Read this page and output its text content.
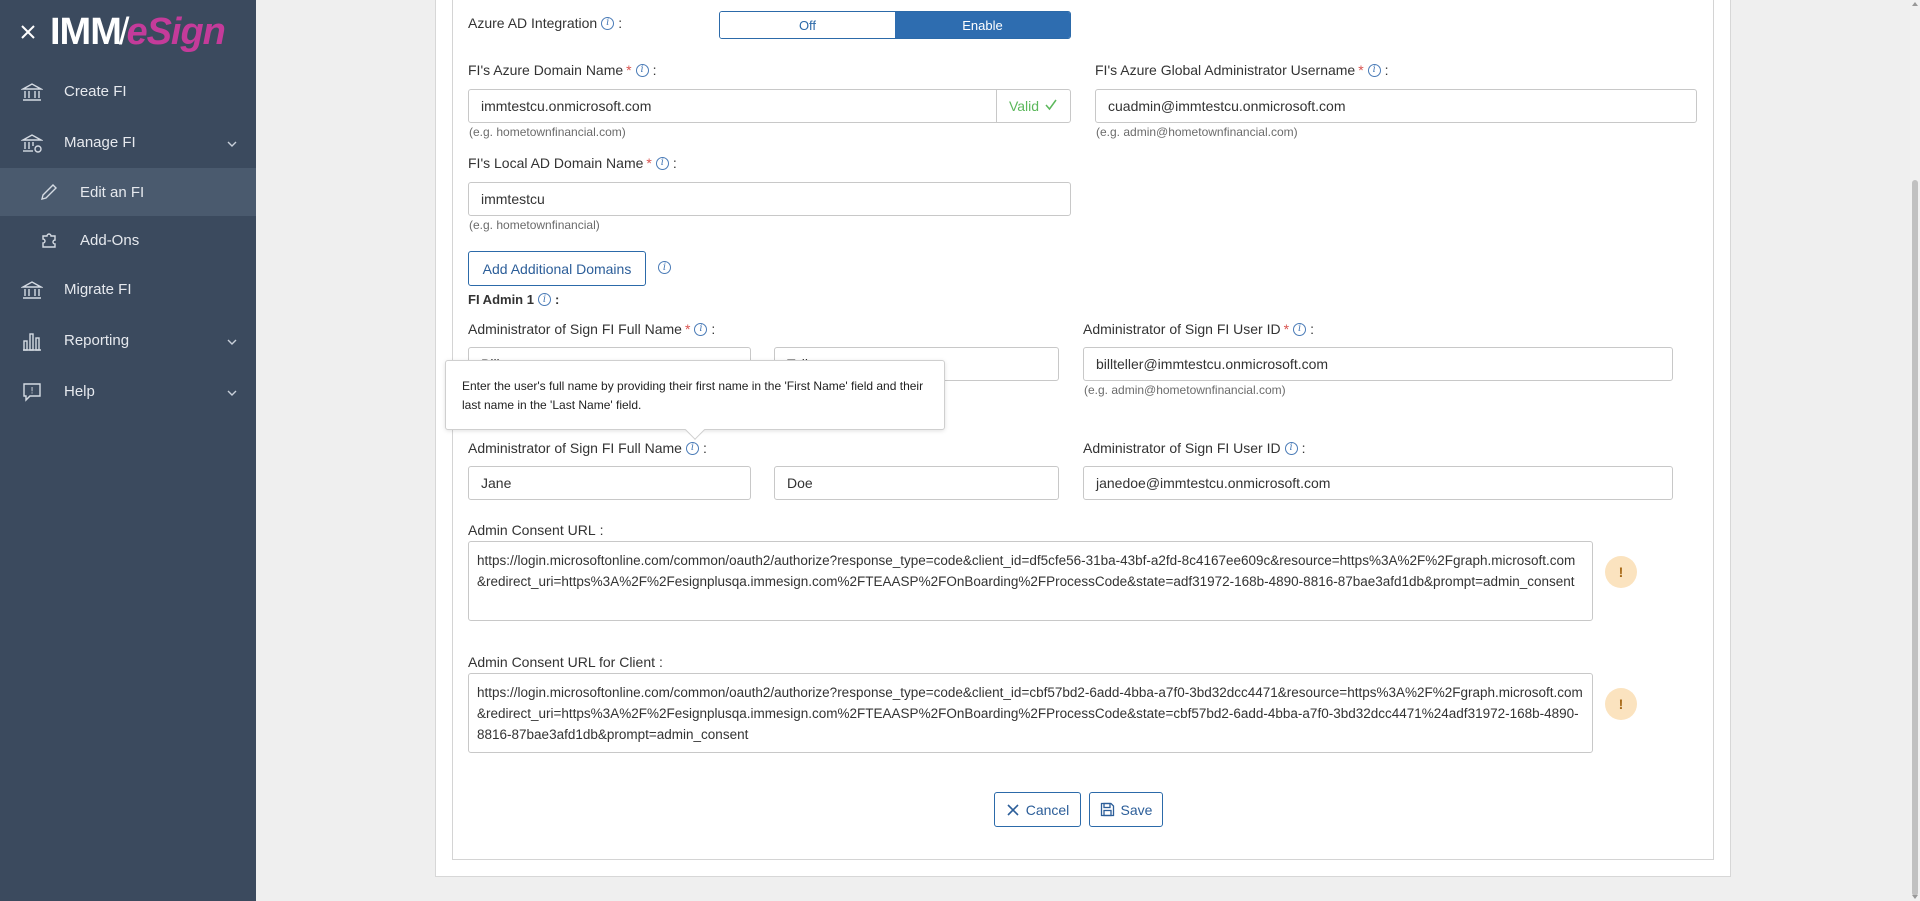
IMM
/
eSign
Create FI
Manage FI
Edit an FI
Add-Ons
Migrate FI
Reporting
! Help
Azure AD Integration i :	Off	Enable
FI's Azure Domain Name * i :
immtestcu.onmicrosoft.com	Valid
(e.g. hometownfinancial.com)
FI's Azure Global Administrator Username * i :
cuadmin@immtestcu.onmicrosoft.com
(e.g. admin@hometownfinancial.com)
FI's Local AD Domain Name * i :
immtestcu
(e.g. hometownfinancial)
Add Additional Domains	i
FI Admin 1 i :
Administrator of Sign FI Full Name * i :	Administrator of Sign FI User ID * i :
billteller@immtestcu.onmicrosoft.com
(e.g. admin@hometownfinancial.com)
Administrator of Sign FI Full Name i :
Jane	Doe
Administrator of Sign FI User ID i :
janedoe@immtestcu.onmicrosoft.com
Enter the user's full name by providing their first name in the 'First Name' field and their last name in the 'Last Name' field.
Admin Consent URL :
https://login.microsoftonline.com/common/oauth2/authorize?response_type=code&client_id=df5cfe56-31ba-43bf-a2fd-8c4167ee609c&resource=https%3A%2F%2Fgraph.microsoft.com&redirect_uri=https%3A%2F%2Fesignplusqa.immesign.com%2FTEAASP%2FOnBoarding%2FProcessCode&state=adf31972-168b-4890-8816-87bae3afd1db&prompt=admin_consent
!
Admin Consent URL for Client :
https://login.microsoftonline.com/common/oauth2/authorize?response_type=code&client_id=cbf57bd2-6add-4bba-a7f0-3bd32dcc4471&resource=https%3A%2F%2Fgraph.microsoft.com&redirect_uri=https%3A%2F%2Fesignplusqa.immesign.com%2FTEAASP%2FOnBoarding%2FProcessCode&state=cbf57bd2-6add-4bba-a7f0-3bd32dcc4471%24adf31972-168b-4890-8816-87bae3afd1db&prompt=admin_consent
!
Cancel	Save
